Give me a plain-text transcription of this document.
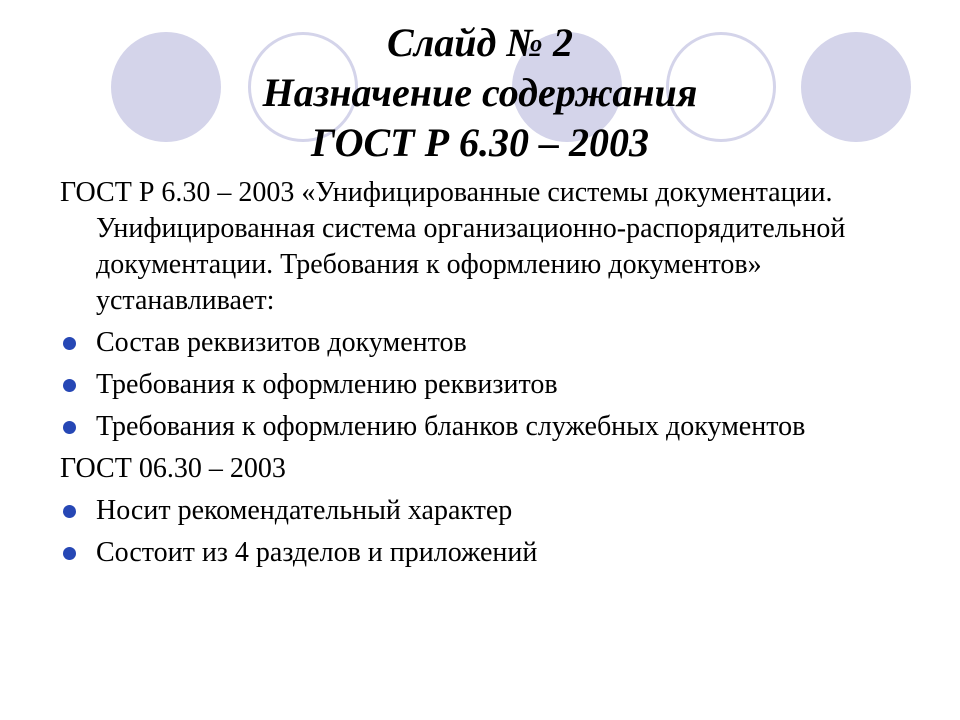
Слайд № 2
Назначение содержания
ГОСТ Р 6.30 – 2003

ГОСТ Р 6.30 – 2003 «Унифицированные системы документации. Унифицированная система организационно-распорядительной документации. Требования к оформлению документов» устанавливает:

Состав реквизитов документов
Требования к оформлению реквизитов
Требования к оформлению бланков служебных документов

ГОСТ 06.30 – 2003

Носит рекомендательный характер
Состоит из 4 разделов и приложений
